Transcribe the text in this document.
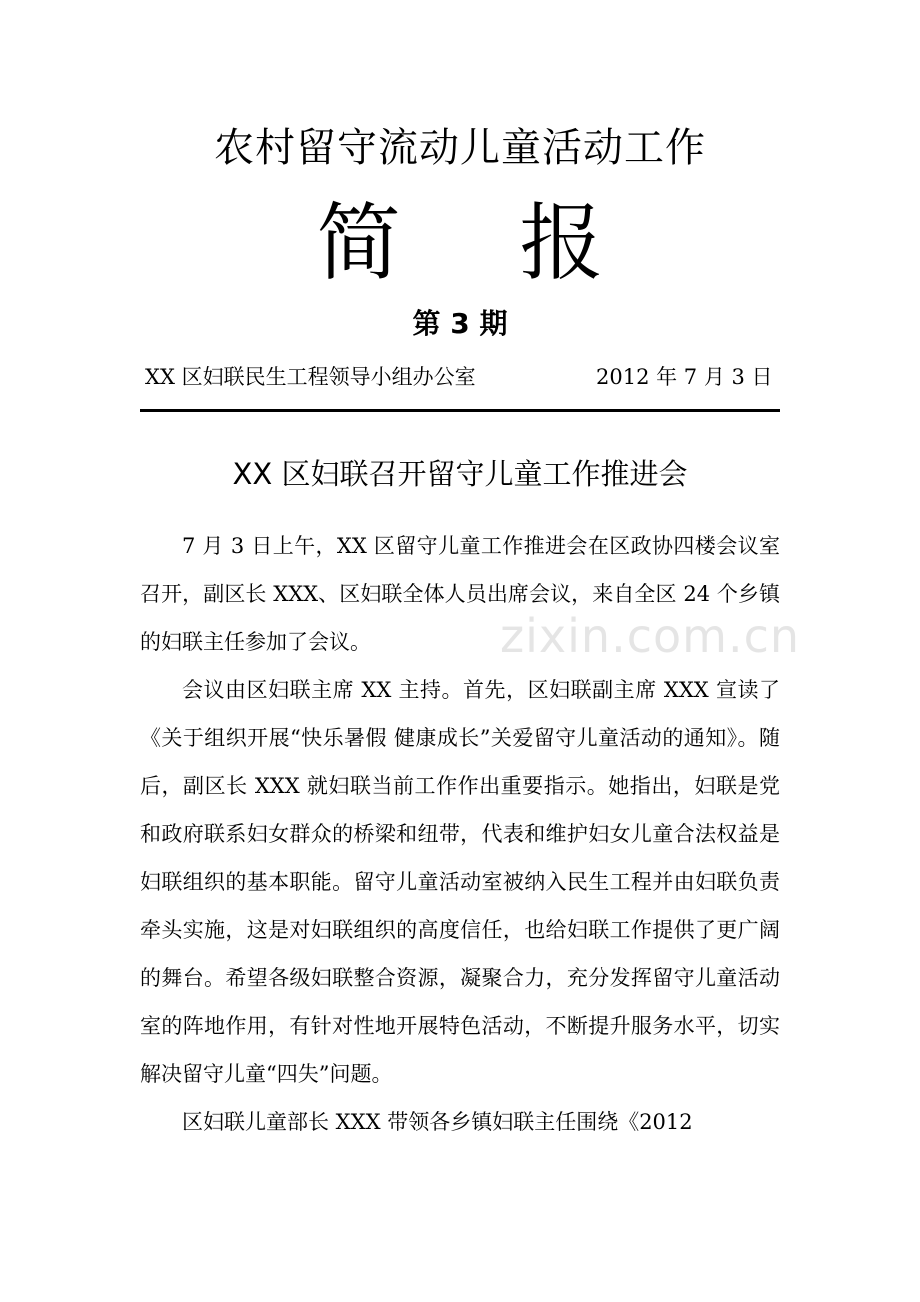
农村留守流动儿童活动工作
简 报
第 3 期
XX 区妇联民生工程领导小组办公室	2012 年 7 月 3 日
XX 区妇联召开留守儿童工作推进会

7 月 3 日上午，XX 区留守儿童工作推进会在区政协四楼会议室召开，副区长 XXX、区妇联全体人员出席会议，来自全区 24 个乡镇的妇联主任参加了会议。

会议由区妇联主席 XX 主持。首先，区妇联副主席 XXX 宣读了《关于组织开展“快乐暑假 健康成长”关爱留守儿童活动的通知》。随后，副区长 XXX 就妇联当前工作作出重要指示。她指出，妇联是党和政府联系妇女群众的桥梁和纽带，代表和维护妇女儿童合法权益是妇联组织的基本职能。留守儿童活动室被纳入民生工程并由妇联负责牵头实施，这是对妇联组织的高度信任，也给妇联工作提供了更广阔的舞台。希望各级妇联整合资源，凝聚合力，充分发挥留守儿童活动室的阵地作用，有针对性地开展特色活动，不断提升服务水平，切实解决留守儿童“四失”问题。

区妇联儿童部长 XXX 带领各乡镇妇联主任围绕《2012

zixin.com.cn
